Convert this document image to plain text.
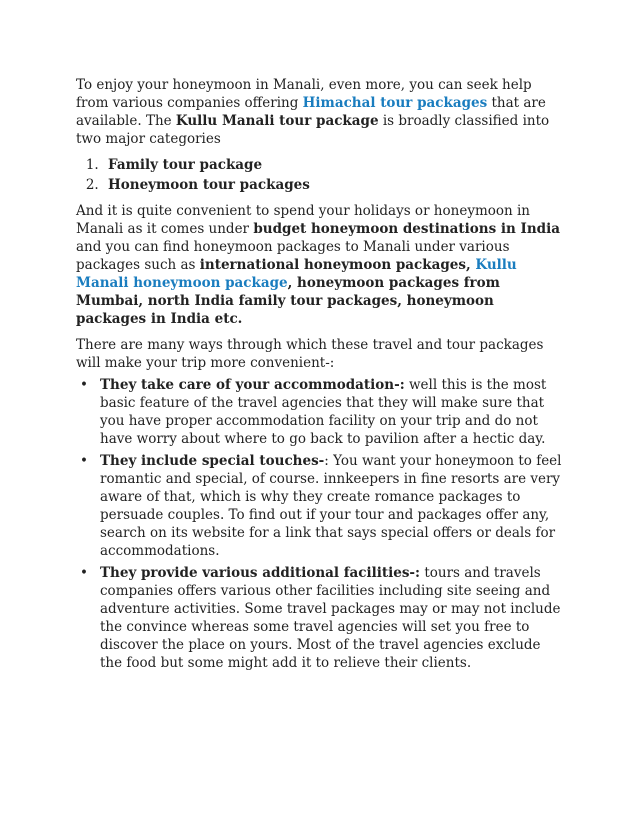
To enjoy your honeymoon in Manali, even more, you can seek help from various companies offering Himachal tour packages that are available. The Kullu Manali tour package is broadly classified into two major categories

1. Family tour package
2. Honeymoon tour packages

And it is quite convenient to spend your holidays or honeymoon in Manali as it comes under budget honeymoon destinations in India and you can find honeymoon packages to Manali under various packages such as international honeymoon packages, Kullu Manali honeymoon package, honeymoon packages from Mumbai, north India family tour packages, honeymoon packages in India etc.

There are many ways through which these travel and tour packages will make your trip more convenient-:

• They take care of your accommodation-: well this is the most basic feature of the travel agencies that they will make sure that you have proper accommodation facility on your trip and do not have worry about where to go back to pavilion after a hectic day.
• They include special touches-: You want your honeymoon to feel romantic and special, of course. innkeepers in fine resorts are very aware of that, which is why they create romance packages to persuade couples. To find out if your tour and packages offer any, search on its website for a link that says special offers or deals for accommodations.
• They provide various additional facilities-: tours and travels companies offers various other facilities including site seeing and adventure activities. Some travel packages may or may not include the convince whereas some travel agencies will set you free to discover the place on yours. Most of the travel agencies exclude the food but some might add it to relieve their clients.
